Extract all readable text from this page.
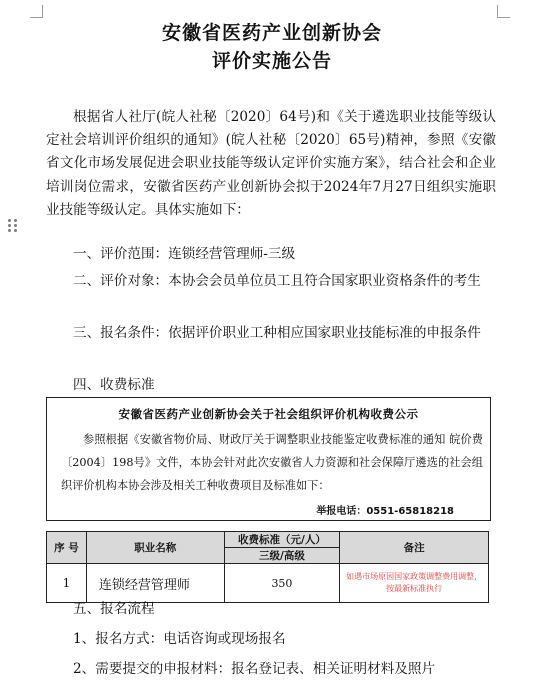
安徽省医药产业创新协会
评价实施公告
根据省人社厅(皖人社秘〔2020〕64号)和《关于遴选职业技能等级认定社会培训评价组织的通知》(皖人社秘〔2020〕65号)精神，参照《安徽省文化市场发展促进会职业技能等级认定评价实施方案》，结合社会和企业培训岗位需求，安徽省医药产业创新协会拟于2024年7月27日组织实施职业技能等级认定。具体实施如下：
一、评价范围：连锁经营管理师-三级
二、评价对象：本协会会员单位员工且符合国家职业资格条件的考生
三、报名条件：依据评价职业工种相应国家职业技能标准的申报条件
四、收费标准
安徽省医药产业创新协会关于社会组织评价机构收费公示
参照根据《安徽省物价局、财政厅关于调整职业技能鉴定收费标准的通知 皖价费〔2004〕198号》文件，本协会针对此次安徽省人力资源和社会保障厅遴选的社会组织评价机构本协会涉及相关工种收费项目及标准如下：
举报电话：0551-65818218
序 号	职业名称	收费标准（元/人）	备注
		三级/高级	
1	连锁经营管理师	350	如遇市场原因国家政策调整费用调整，按最新标准执行
五、报名流程
1、报名方式：电话咨询或现场报名
2、需要提交的申报材料：报名登记表、相关证明材料及照片
